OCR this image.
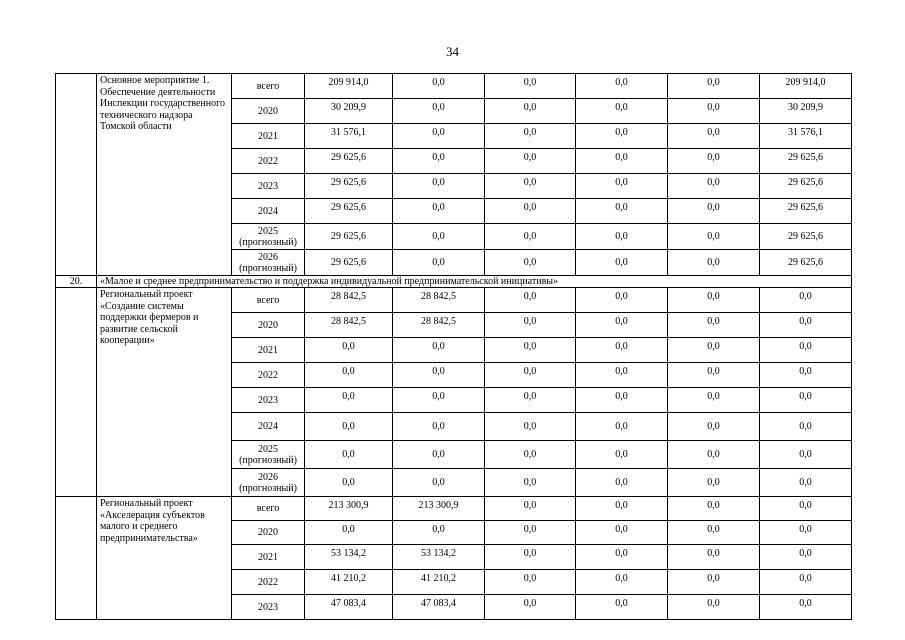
34
	Основное мероприятие 1. Обеспечение деятельности Инспекции государственного технического надзора Томской области	всего	209 914,0	0,0	0,0	0,0	0,0	209 914,0
		2020	30 209,9	0,0	0,0	0,0	0,0	30 209,9
		2021	31 576,1	0,0	0,0	0,0	0,0	31 576,1
		2022	29 625,6	0,0	0,0	0,0	0,0	29 625,6
		2023	29 625,6	0,0	0,0	0,0	0,0	29 625,6
		2024	29 625,6	0,0	0,0	0,0	0,0	29 625,6
		2025 (прогнозный)	29 625,6	0,0	0,0	0,0	0,0	29 625,6
		2026 (прогнозный)	29 625,6	0,0	0,0	0,0	0,0	29 625,6
20.	«Малое и среднее предпринимательство и поддержка индивидуальной предпринимательской инициативы»							
	Региональный проект «Создание системы поддержки фермеров и развитие сельской кооперации»	всего	28 842,5	28 842,5	0,0	0,0	0,0	0,0
		2020	28 842,5	28 842,5	0,0	0,0	0,0	0,0
		2021	0,0	0,0	0,0	0,0	0,0	0,0
		2022	0,0	0,0	0,0	0,0	0,0	0,0
		2023	0,0	0,0	0,0	0,0	0,0	0,0
		2024	0,0	0,0	0,0	0,0	0,0	0,0
		2025 (прогнозный)	0,0	0,0	0,0	0,0	0,0	0,0
		2026 (прогнозный)	0,0	0,0	0,0	0,0	0,0	0,0
	Региональный проект «Акселерация субъектов малого и среднего предпринимательства»	всего	213 300,9	213 300,9	0,0	0,0	0,0	0,0
		2020	0,0	0,0	0,0	0,0	0,0	0,0
		2021	53 134,2	53 134,2	0,0	0,0	0,0	0,0
		2022	41 210,2	41 210,2	0,0	0,0	0,0	0,0
		2023	47 083,4	47 083,4	0,0	0,0	0,0	0,0
